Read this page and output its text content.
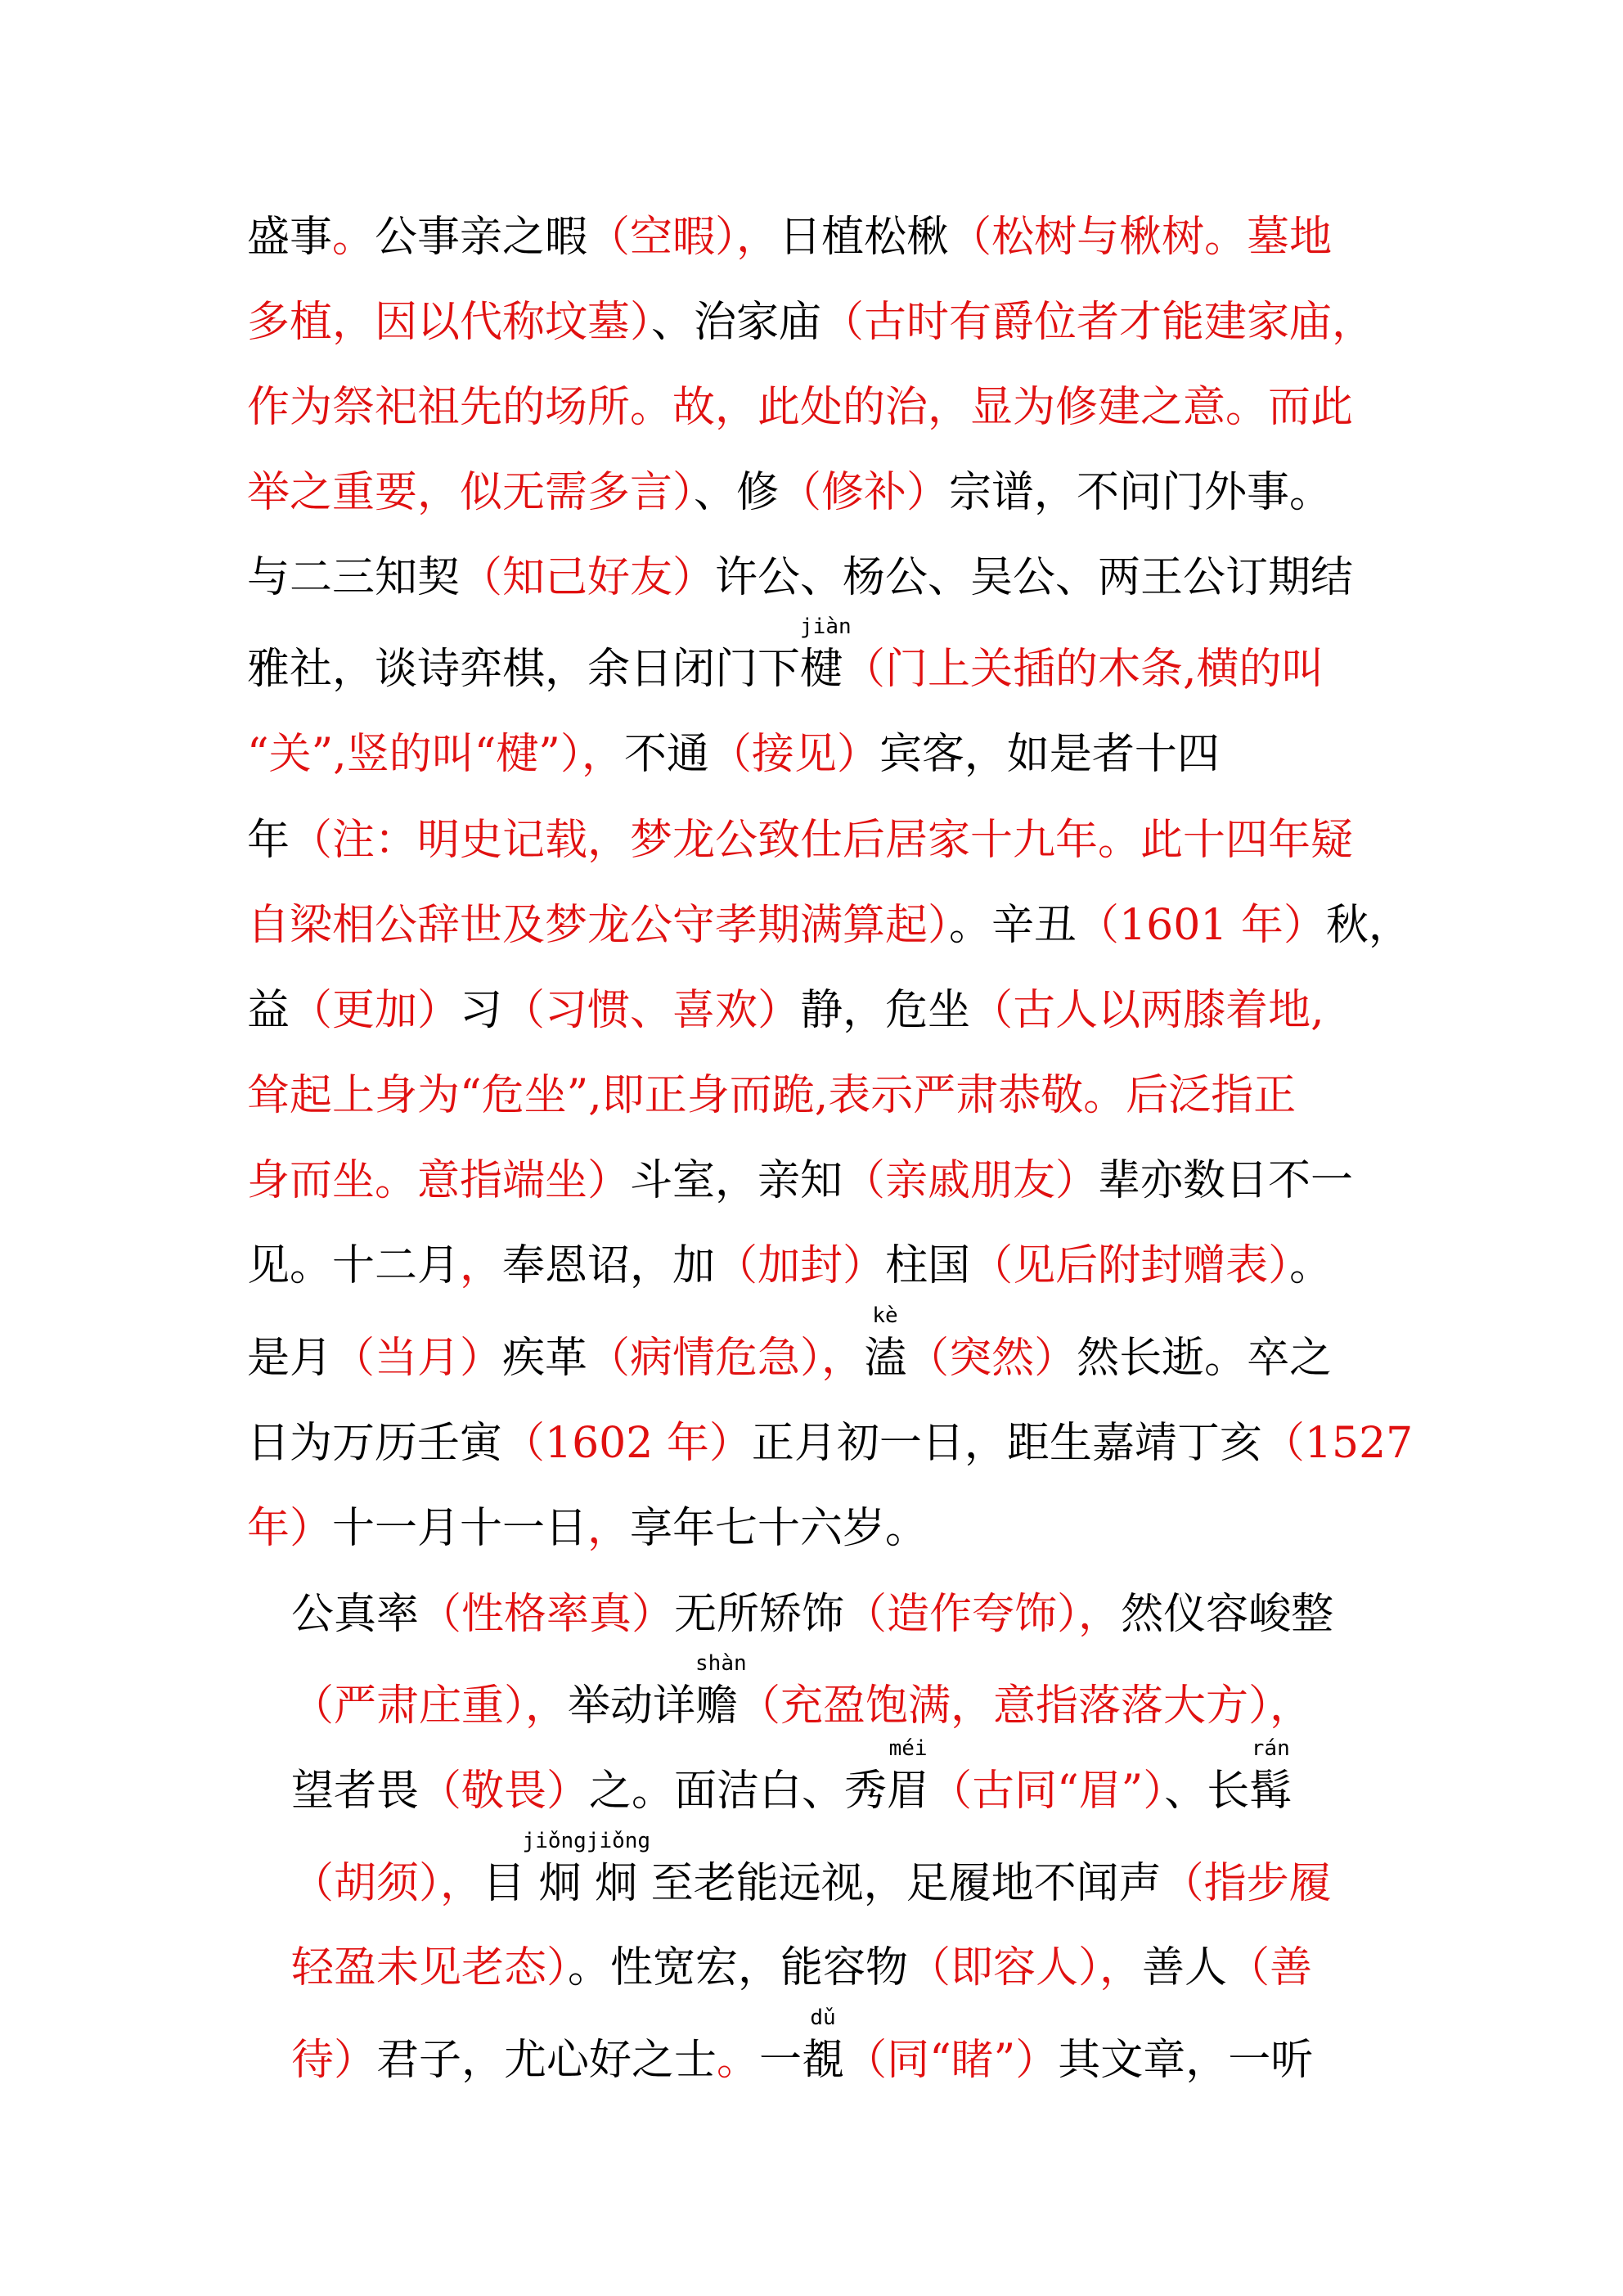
盛事。公事亲之暇（空暇），日植松楸（松树与楸树。墓地
多植，因以代称坟墓）、治家庙（古时有爵位者才能建家庙，
作为祭祀祖先的场所。故，此处的治，显为修建之意。而此
举之重要，似无需多言）、修（修补）宗谱，不问门外事。
与二三知契（知己好友）许公、杨公、吴公、两王公订期结
雅社，谈诗弈棋，余日闭门下
jiàn
楗（门上关插的木条,横的叫
“关”,竖的叫“楗”），不通（接见）宾客，如是者十四
年（注：明史记载，梦龙公致仕后居家十九年。此十四年疑
自梁相公辞世及梦龙公守孝期满算起）。辛丑（1601 年）秋，
益（更加）习（习惯、喜欢）静，危坐（古人以两膝着地,
耸起上身为“危坐”,即正身而跪,表示严肃恭敬。后泛指正
身而坐。意指端坐）斗室，亲知（亲戚朋友）辈亦数日不一
见。十二月，奉恩诏，加（加封）柱国（见后附封赠表）。
是月（当月）疾革（病情危急），
kè
溘（突然）然长逝。卒之
日为万历壬寅（1602 年）正月初一日，距生嘉靖丁亥（1527
年）十一月十一日，享年七十六岁。
公真率（性格率真）无所矫饰（造作夸饰），然仪容峻整
（严肃庄重），举动详
shàn
赡（充盈饱满，意指落落大方），
望者畏（敬畏）之。面洁白、秀
méi
眉（古同“眉”）、长
rán
髯
（胡须），目
jiǒngjiǒng
炯 炯 至老能远视，足履地不闻声（指步履
轻盈未见老态）。性宽宏，能容物（即容人），善人（善
待）君子，尤心好之士。一
dǔ
覩（同“睹”）其文章，一听
